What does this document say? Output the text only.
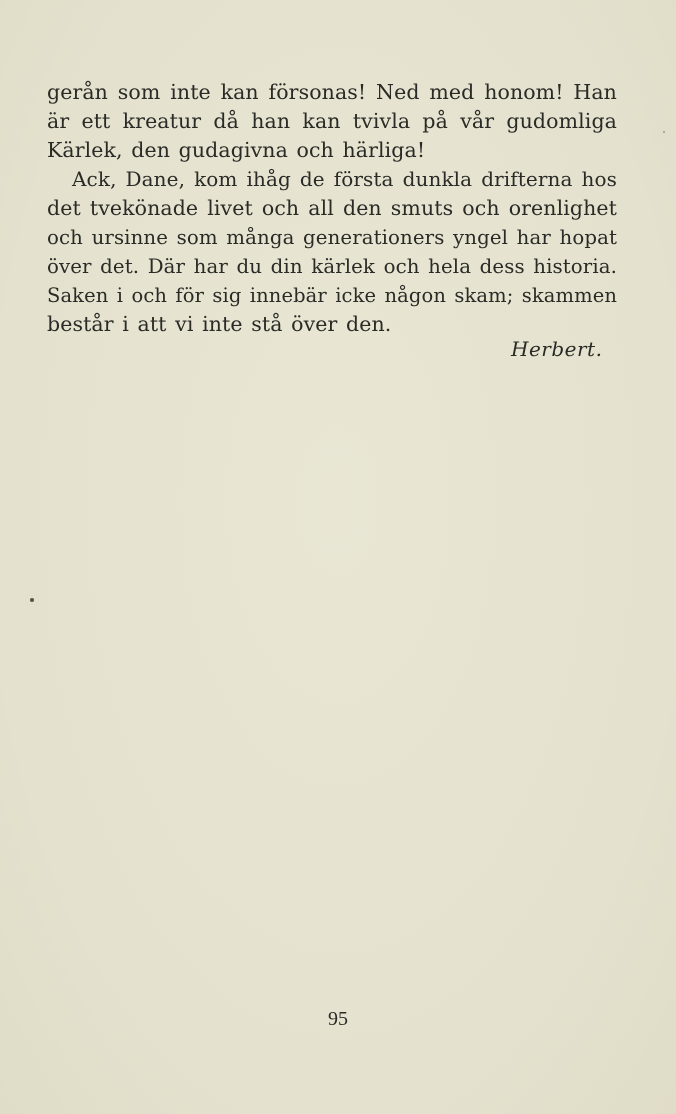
gerån som inte kan försonas! Ned med honom! Han
är ett kreatur då han kan tvivla på vår gudomliga
Kärlek, den gudagivna och härliga!
Ack, Dane, kom ihåg de första dunkla drifterna hos
det tvekönade livet och all den smuts och orenlighet
och ursinne som många generationers yngel har hopat
över det. Där har du din kärlek och hela dess historia.
Saken i och för sig innebär icke någon skam; skammen
består i att vi inte stå över den.
Herbert.
95
